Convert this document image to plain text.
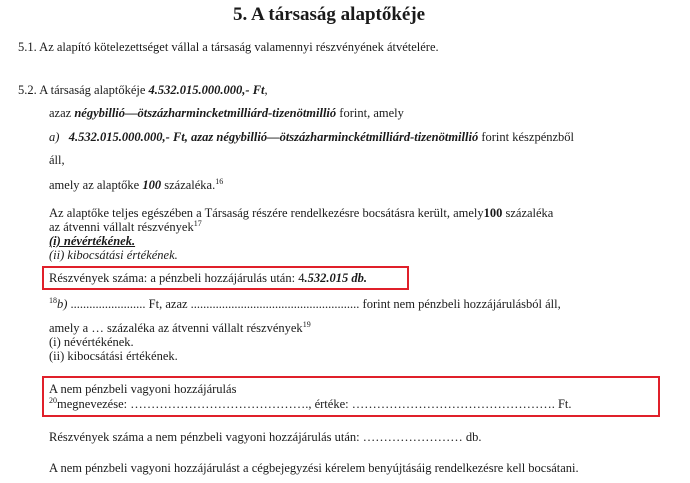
5. A társaság alaptőkéje
5.1. Az alapító kötelezettséget vállal a társaság valamennyi részvényének átvételére.
5.2. A társaság alaptőkéje 4.532.015.000.000,- Ft,
azaz négybillió—ötszázharmincketmilliárd-tizenötmillió forint, amely
a) 4.532.015.000.000,- Ft, azaz négybillió—ötszázharminckétmilliárd-tizenötmillió forint készpénzből
áll,
amely az alaptőke 100 százaléka.$^{16}$
Az alaptőke teljes egészében a Társaság részére rendelkezésre bocsátásra került, amely100 százaléka
az átvenni vállalt részvények$^{17}$
(i) névértékének.
(ii) kibocsátási értékének.
Részvények száma: a pénzbeli hozzájárulás után: 4.532.015 db.
$^{18}$b) ........................ Ft, azaz ...................................................... forint nem pénzbeli hozzájárulásból áll,
amely a … százaléka az átvenni vállalt részvények$^{19}$
(i) névértékének.
(ii) kibocsátási értékének.
A nem pénzbeli vagyoni hozzájárulás
$^{20}$megnevezése: ……………………………………., értéke: …………………………………………. Ft.
Részvények száma a nem pénzbeli vagyoni hozzájárulás után: …………………… db.
A nem pénzbeli vagyoni hozzájárulást a cégbejegyzési kérelem benyújtásáig rendelkezésre kell bocsátani.
